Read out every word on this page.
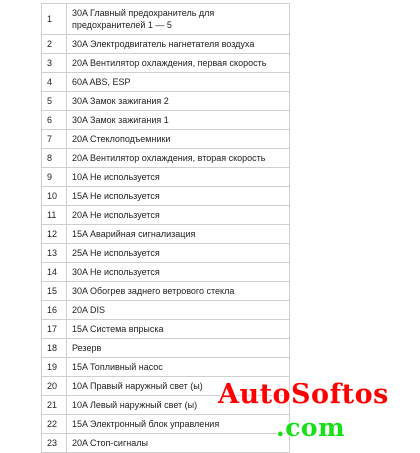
1	30A Главный предохранитель для предохранителей 1 — 5
2	30A Электродвигатель нагнетателя воздуха
3	20A Вентилятор охлаждения, первая скорость
4	60A ABS, ESP
5	30A Замок зажигания 2
6	30A Замок зажигания 1
7	20A Стеклоподъемники
8	20A Вентилятор охлаждения, вторая скорость
9	10A Не используется
10	15A Не используется
11	20A Не используется
12	15A Аварийная сигнализация
13	25A Не используется
14	30A Не используется
15	30A Обогрев заднего ветрового стекла
16	20A DIS
17	15A Система впрыска
18	Резерв
19	15A Топливный насос
20	10A Правый наружный свет (ы)
21	10A Левый наружный свет (ы)
22	15A Электронный блок управления
23	20A Стоп-сигналы
AutoSoftos
.com
